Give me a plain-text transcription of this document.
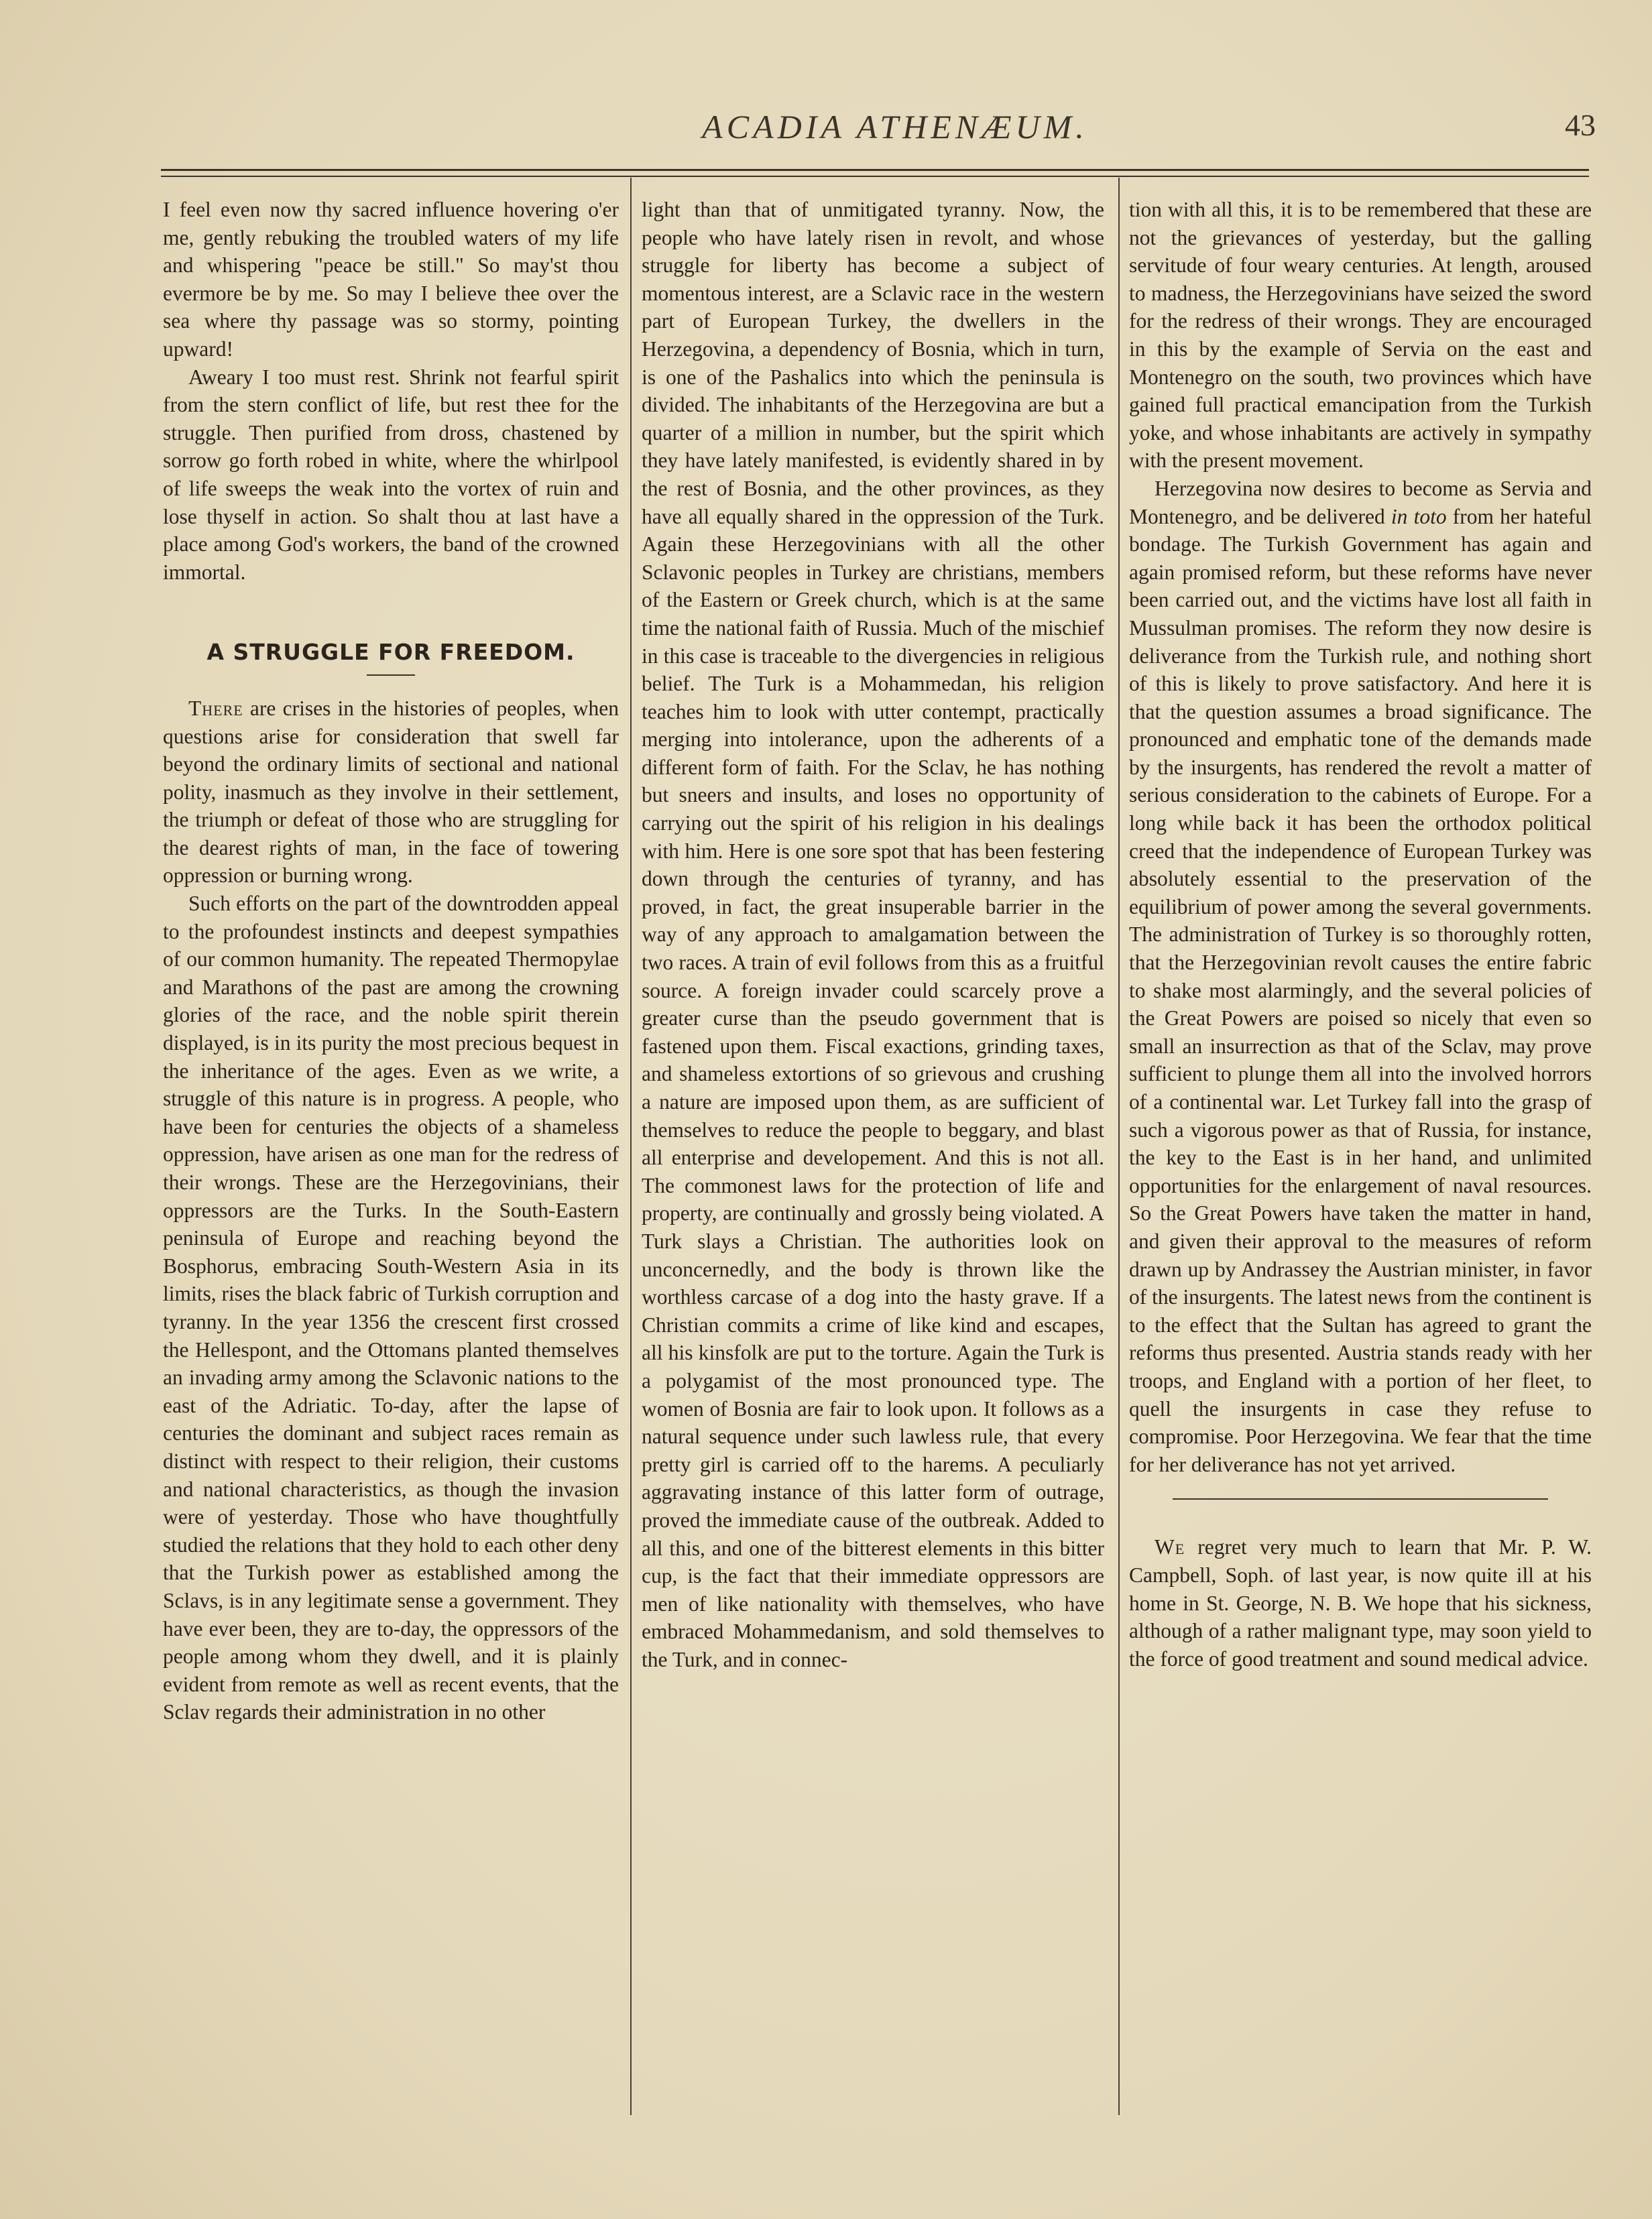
ACADIA ATHENÆUM.	43

I feel even now thy sacred influence hovering o'er me, gently rebuking the troubled waters of my life and whispering "peace be still." So may'st thou evermore be by me. So may I believe thee over the sea where thy passage was so stormy, pointing upward!

Aweary I too must rest. Shrink not fearful spirit from the stern conflict of life, but rest thee for the struggle. Then purified from dross, chastened by sorrow go forth robed in white, where the whirlpool of life sweeps the weak into the vortex of ruin and lose thyself in action. So shalt thou at last have a place among God's workers, the band of the crowned immortal.

A STRUGGLE FOR FREEDOM.

There are crises in the histories of peoples, when questions arise for consideration that swell far beyond the ordinary limits of sectional and national polity, inasmuch as they involve in their settlement, the triumph or defeat of those who are struggling for the dearest rights of man, in the face of towering oppression or burning wrong.

Such efforts on the part of the downtrodden appeal to the profoundest instincts and deepest sympathies of our common humanity. The repeated Thermopylae and Marathons of the past are among the crowning glories of the race, and the noble spirit therein displayed, is in its purity the most precious bequest in the inheritance of the ages. Even as we write, a struggle of this nature is in progress. A people, who have been for centuries the objects of a shameless oppression, have arisen as one man for the redress of their wrongs. These are the Herzegovinians, their oppressors are the Turks. In the South-Eastern peninsula of Europe and reaching beyond the Bosphorus, embracing South-Western Asia in its limits, rises the black fabric of Turkish corruption and tyranny. In the year 1356 the crescent first crossed the Hellespont, and the Ottomans planted themselves an invading army among the Sclavonic nations to the east of the Adriatic. To-day, after the lapse of centuries the dominant and subject races remain as distinct with respect to their religion, their customs and national characteristics, as though the invasion were of yesterday. Those who have thoughtfully studied the relations that they hold to each other deny that the Turkish power as established among the Sclavs, is in any legitimate sense a government. They have ever been, they are to-day, the oppressors of the people among whom they dwell, and it is plainly evident from remote as well as recent events, that the Sclav regards their administration in no other

light than that of unmitigated tyranny. Now, the people who have lately risen in revolt, and whose struggle for liberty has become a subject of momentous interest, are a Sclavic race in the western part of European Turkey, the dwellers in the Herzegovina, a dependency of Bosnia, which in turn, is one of the Pashalics into which the peninsula is divided. The inhabitants of the Herzegovina are but a quarter of a million in number, but the spirit which they have lately manifested, is evidently shared in by the rest of Bosnia, and the other provinces, as they have all equally shared in the oppression of the Turk. Again these Herzegovinians with all the other Sclavonic peoples in Turkey are christians, members of the Eastern or Greek church, which is at the same time the national faith of Russia. Much of the mischief in this case is traceable to the divergencies in religious belief. The Turk is a Mohammedan, his religion teaches him to look with utter contempt, practically merging into intolerance, upon the adherents of a different form of faith. For the Sclav, he has nothing but sneers and insults, and loses no opportunity of carrying out the spirit of his religion in his dealings with him. Here is one sore spot that has been festering down through the centuries of tyranny, and has proved, in fact, the great insuperable barrier in the way of any approach to amalgamation between the two races. A train of evil follows from this as a fruitful source. A foreign invader could scarcely prove a greater curse than the pseudo government that is fastened upon them. Fiscal exactions, grinding taxes, and shameless extortions of so grievous and crushing a nature are imposed upon them, as are sufficient of themselves to reduce the people to beggary, and blast all enterprise and developement. And this is not all. The commonest laws for the protection of life and property, are continually and grossly being violated. A Turk slays a Christian. The authorities look on unconcernedly, and the body is thrown like the worthless carcase of a dog into the hasty grave. If a Christian commits a crime of like kind and escapes, all his kinsfolk are put to the torture. Again the Turk is a polygamist of the most pronounced type. The women of Bosnia are fair to look upon. It follows as a natural sequence under such lawless rule, that every pretty girl is carried off to the harems. A peculiarly aggravating instance of this latter form of outrage, proved the immediate cause of the outbreak. Added to all this, and one of the bitterest elements in this bitter cup, is the fact that their immediate oppressors are men of like nationality with themselves, who have embraced Mohammedanism, and sold themselves to the Turk, and in connec-

tion with all this, it is to be remembered that these are not the grievances of yesterday, but the galling servitude of four weary centuries. At length, aroused to madness, the Herzegovinians have seized the sword for the redress of their wrongs. They are encouraged in this by the example of Servia on the east and Montenegro on the south, two provinces which have gained full practical emancipation from the Turkish yoke, and whose inhabitants are actively in sympathy with the present movement.

Herzegovina now desires to become as Servia and Montenegro, and be delivered in toto from her hateful bondage. The Turkish Government has again and again promised reform, but these reforms have never been carried out, and the victims have lost all faith in Mussulman promises. The reform they now desire is deliverance from the Turkish rule, and nothing short of this is likely to prove satisfactory. And here it is that the question assumes a broad significance. The pronounced and emphatic tone of the demands made by the insurgents, has rendered the revolt a matter of serious consideration to the cabinets of Europe. For a long while back it has been the orthodox political creed that the independence of European Turkey was absolutely essential to the preservation of the equilibrium of power among the several governments. The administration of Turkey is so thoroughly rotten, that the Herzegovinian revolt causes the entire fabric to shake most alarmingly, and the several policies of the Great Powers are poised so nicely that even so small an insurrection as that of the Sclav, may prove sufficient to plunge them all into the involved horrors of a continental war. Let Turkey fall into the grasp of such a vigorous power as that of Russia, for instance, the key to the East is in her hand, and unlimited opportunities for the enlargement of naval resources. So the Great Powers have taken the matter in hand, and given their approval to the measures of reform drawn up by Andrassey the Austrian minister, in favor of the insurgents. The latest news from the continent is to the effect that the Sultan has agreed to grant the reforms thus presented. Austria stands ready with her troops, and England with a portion of her fleet, to quell the insurgents in case they refuse to compromise. Poor Herzegovina. We fear that the time for her deliverance has not yet arrived.

We regret very much to learn that Mr. P. W. Campbell, Soph. of last year, is now quite ill at his home in St. George, N. B. We hope that his sickness, although of a rather malignant type, may soon yield to the force of good treatment and sound medical advice.
